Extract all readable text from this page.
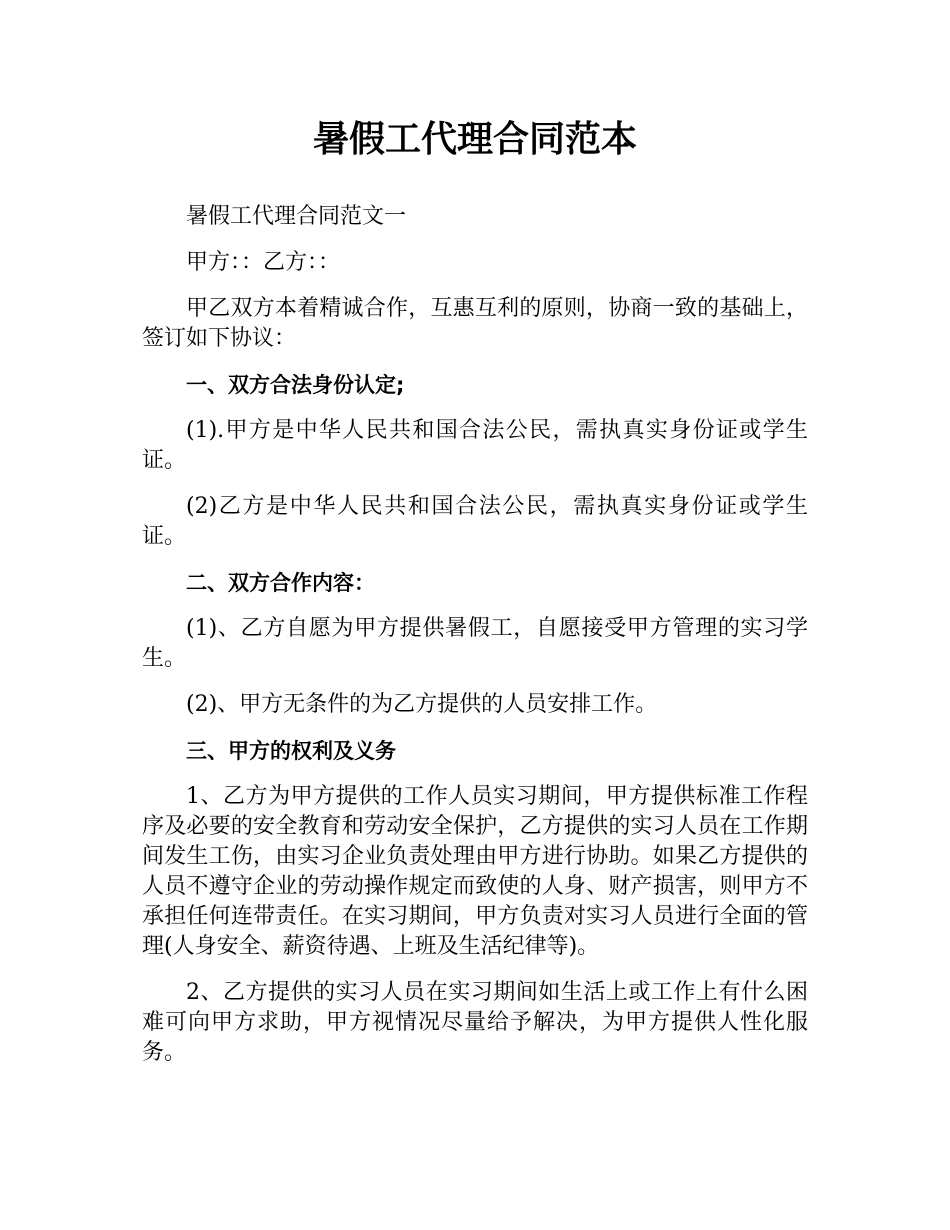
暑假工代理合同范本

暑假工代理合同范文一

甲方：：乙方：：

甲乙双方本着精诚合作，互惠互利的原则，协商一致的基础上，签订如下协议：

一、双方合法身份认定;

(1).甲方是中华人民共和国合法公民，需执真实身份证或学生证。

(2)乙方是中华人民共和国合法公民，需执真实身份证或学生证。

二、双方合作内容：

(1)、乙方自愿为甲方提供暑假工，自愿接受甲方管理的实习学生。

(2)、甲方无条件的为乙方提供的人员安排工作。

三、甲方的权利及义务

1、乙方为甲方提供的工作人员实习期间，甲方提供标准工作程序及必要的安全教育和劳动安全保护，乙方提供的实习人员在工作期间发生工伤，由实习企业负责处理由甲方进行协助。如果乙方提供的人员不遵守企业的劳动操作规定而致使的人身、财产损害，则甲方不承担任何连带责任。在实习期间，甲方负责对实习人员进行全面的管理(人身安全、薪资待遇、上班及生活纪律等)。

2、乙方提供的实习人员在实习期间如生活上或工作上有什么困难可向甲方求助，甲方视情况尽量给予解决，为甲方提供人性化服务。
